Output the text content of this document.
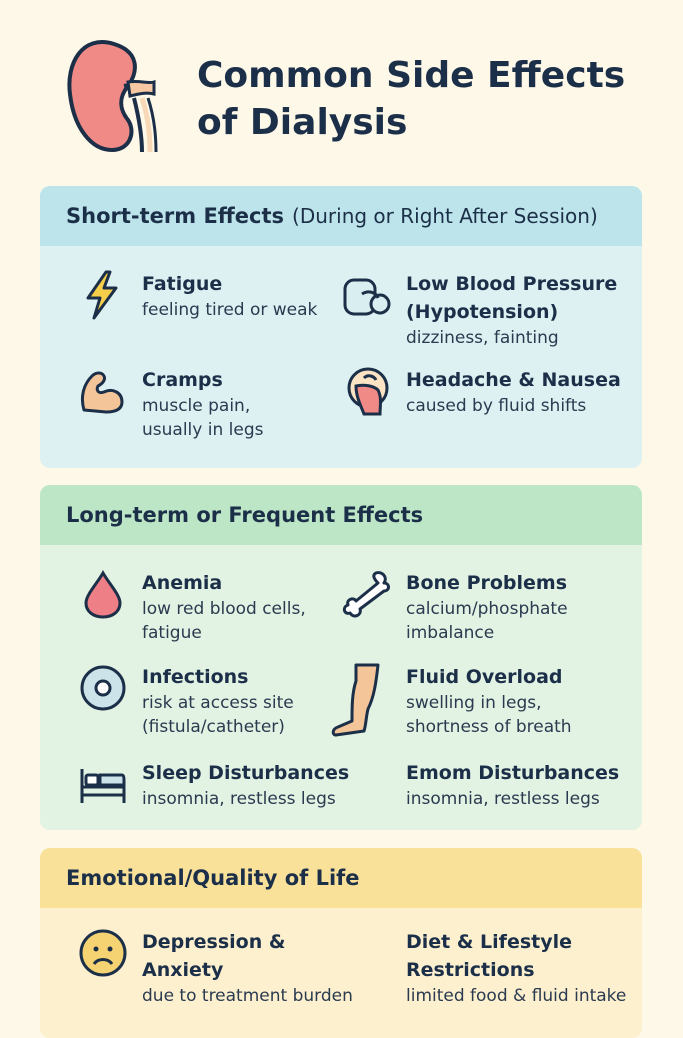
Common Side Effects of Dialysis
Short-term Effects (During or Right After Session)
Fatigue
feeling tired or weak
Low Blood Pressure (Hypotension)
dizziness, fainting
Cramps
muscle pain, usually in legs
Headache & Nausea
caused by fluid shifts
Long-term or Frequent Effects
Anemia
low red blood cells, fatigue
Bone Problems
calcium/phosphate imbalance
Infections
risk at access site (fistula/catheter)
Fluid Overload
swelling in legs, shortness of breath
Sleep Disturbances
insomnia, restless legs
Emom Disturbances
insomnia, restless legs
Emotional/Quality of Life
Depression & Anxiety
due to treatment burden
Diet & Lifestyle Restrictions
limited food & fluid intake
